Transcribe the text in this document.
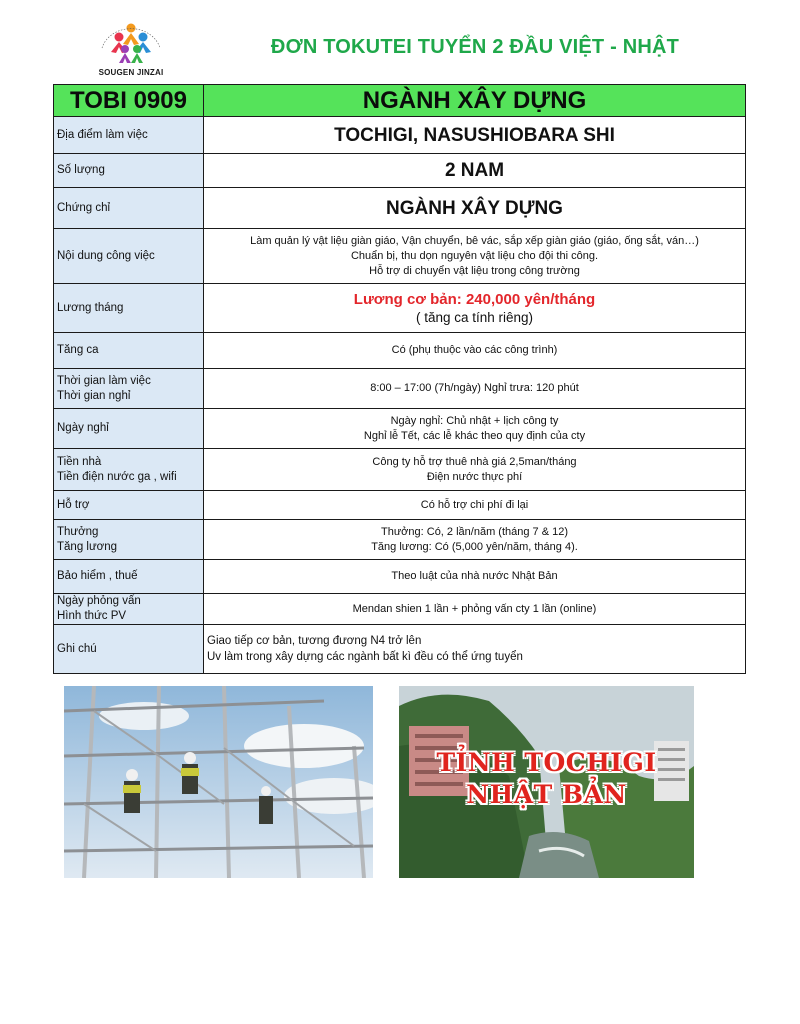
SOUGEN JINZAI
ĐƠN TOKUTEI TUYỂN 2 ĐẦU VIỆT - NHẬT
TOBI 0909	NGÀNH XÂY DỰNG
Địa điểm làm việc	TOCHIGI, NASUSHIOBARA SHI
Số lượng	2 NAM
Chứng chỉ	NGÀNH XÂY DỰNG
Nội dung công việc	Làm quản lý vật liệu giàn giáo, Vận chuyển, bê vác, sắp xếp giàn giáo (giáo, ống sắt, ván…)
Chuẩn bị, thu dọn nguyên vật liệu cho đội thi công.
Hỗ trợ di chuyển vật liệu trong công trường

Lương tháng	Lương cơ bản: 240,000 yên/tháng
( tăng ca tính riêng)

Tăng ca	Có (phụ thuộc vào các công trình)

Thời gian làm việc
Thời gian nghỉ	8:00 – 17:00 (7h/ngày) Nghỉ trưa: 120 phút
Ngày nghỉ	Ngày nghỉ: Chủ nhật + lịch công ty
Nghỉ lễ Tết, các lễ khác theo quy định của cty

Tiền nhà
Tiền điện nước ga , wifi	Công ty hỗ trợ thuê nhà giá 2,5man/tháng
Điện nước thực phí

Hỗ trợ	Có hỗ trợ chi phí đi lại

Thưởng
Tăng lương	Thưởng: Có, 2 lần/năm (tháng 7 & 12)
Tăng lương: Có (5,000 yên/năm, tháng 4).

Bảo hiểm , thuế	Theo luật của nhà nước Nhật Bản

Ngày phỏng vấn
Hình thức PV	Mendan shien 1 lần + phỏng vấn cty 1 lần (online)
Ghi chú	Giao tiếp cơ bản, tương đương N4 trở lên
Uv làm trong xây dựng các ngành bất kì đều có thể ứng tuyển
TỈNH TOCHIGI
NHẬT BẢN
